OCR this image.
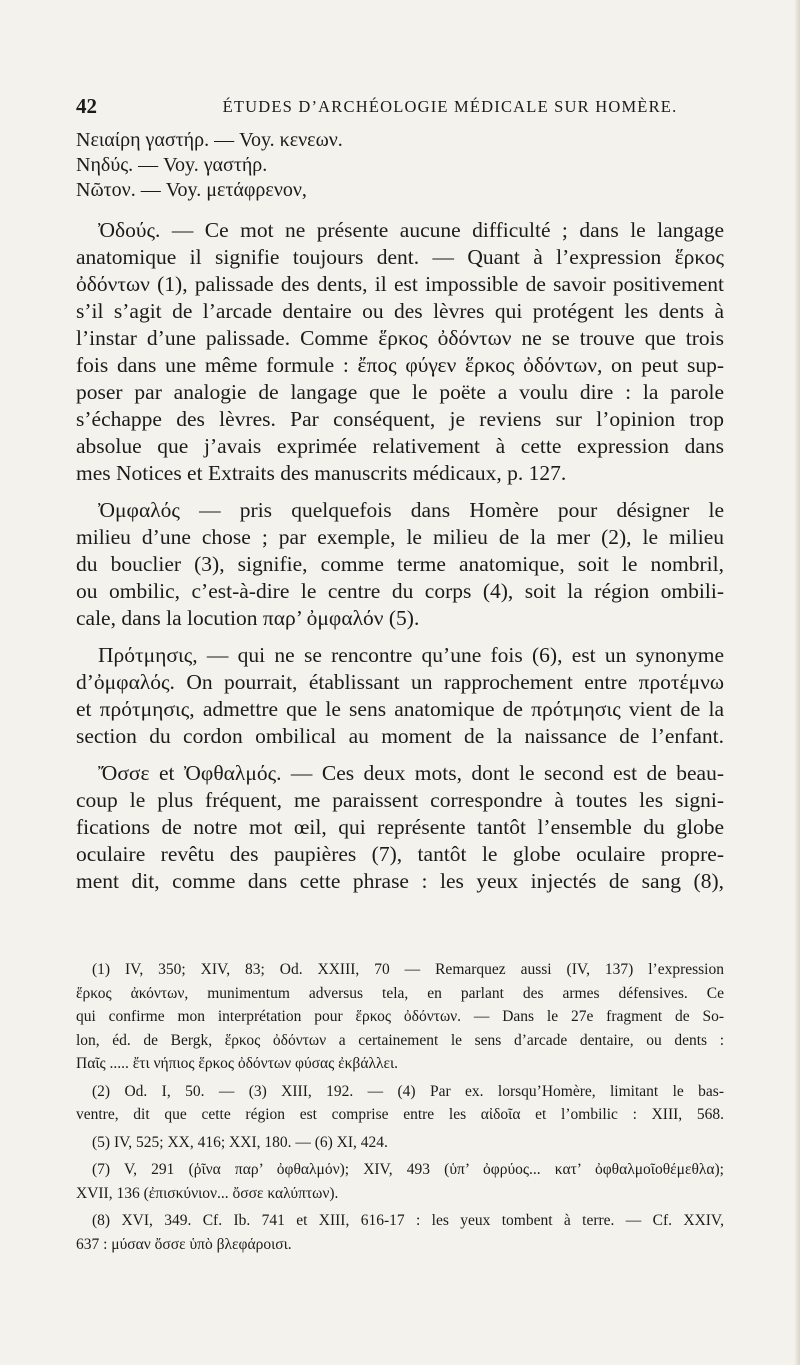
42	ÉTUDES D’ARCHÉOLOGIE MÉDICALE SUR HOMÈRE.
Νειαίρη γαστήρ. — Voy. κενεων.
Νηδύς. — Voy. γαστήρ.
Νῶτον. — Voy. μετάφρενον,
Ὀδούς. — Ce mot ne présente aucune difficulté ; dans le langage
anatomique il signifie toujours dent. — Quant à l’expression ἕρκος
ὀδόντων (1), palissade des dents, il est impossible de savoir positivement
s’il s’agit de l’arcade dentaire ou des lèvres qui protégent les dents à
l’instar d’une palissade. Comme ἕρκος ὀδόντων ne se trouve que trois
fois dans une même formule : ἔπος φύγεν ἕρκος ὀδόντων, on peut sup-
poser par analogie de langage que le poëte a voulu dire : la parole
s’échappe des lèvres. Par conséquent, je reviens sur l’opinion trop
absolue que j’avais exprimée relativement à cette expression dans
mes Notices et Extraits des manuscrits médicaux, p. 127.
Ὀμφαλός — pris quelquefois dans Homère pour désigner le
milieu d’une chose ; par exemple, le milieu de la mer (2), le milieu
du bouclier (3), signifie, comme terme anatomique, soit le nombril,
ou ombilic, c’est-à-dire le centre du corps (4), soit la région ombili-
cale, dans la locution παρ’ ὀμφαλόν (5).
Πρότμησις, — qui ne se rencontre qu’une fois (6), est un synonyme
d’ὀμφαλός. On pourrait, établissant un rapprochement entre προτέμνω
et πρότμησις, admettre que le sens anatomique de πρότμησις vient de la
section du cordon ombilical au moment de la naissance de l’enfant.
Ὄσσε et Ὀφθαλμός. — Ces deux mots, dont le second est de beau-
coup le plus fréquent, me paraissent correspondre à toutes les signi-
fications de notre mot œil, qui représente tantôt l’ensemble du globe
oculaire revêtu des paupières (7), tantôt le globe oculaire propre-
ment dit, comme dans cette phrase : les yeux injectés de sang (8),
(1) IV, 350; XIV, 83; Od. XXIII, 70 — Remarquez aussi (IV, 137) l’expression
ἕρκος ἀκόντων, munimentum adversus tela, en parlant des armes défensives. Ce
qui confirme mon interprétation pour ἕρκος ὀδόντων. — Dans le 27e fragment de So-
lon, éd. de Bergk, ἕρκος ὀδόντων a certainement le sens d’arcade dentaire, ou dents :
Παῖς ..... ἔτι νήπιος ἕρκος ὀδόντων φύσας ἐκβάλλει.
(2) Od. I, 50. — (3) XIII, 192. — (4) Par ex. lorsqu’Homère, limitant le bas-
ventre, dit que cette région est comprise entre les αἰδοῖα et l’ombilic : XIII, 568.
(5) IV, 525; XX, 416; XXI, 180. — (6) XI, 424.
(7) V, 291 (ῥῖνα παρ’ ὀφθαλμόν); XIV, 493 (ὑπ’ ὀφρύος... κατ’ ὀφθαλμοῖοθέμεθλα);
XVII, 136 (ἐπισκύνιον... ὄσσε καλύπτων).
(8) XVI, 349. Cf. Ib. 741 et XIII, 616-17 : les yeux tombent à terre. — Cf. XXIV,
637 : μύσαν ὄσσε ὑπὸ βλεφάροισι.
